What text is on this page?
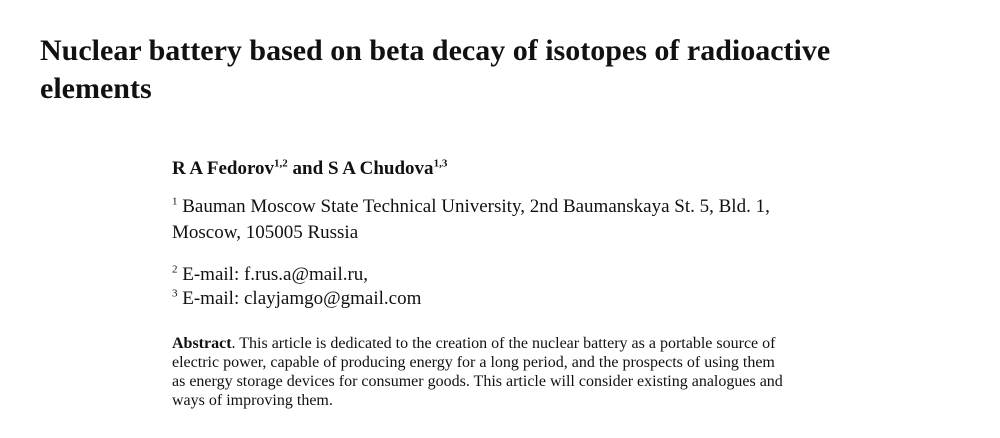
Nuclear battery based on beta decay of isotopes of radioactive
elements
R A Fedorov$^{1,2}$ and S A Chudova$^{1,3}$
$^1$ Bauman Moscow State Technical University, 2nd Baumanskaya St. 5, Bld. 1,
Moscow, 105005 Russia
$^2$ E-mail: f.rus.a@mail.ru,
$^3$ E-mail: clayjamgo@gmail.com
Abstract. This article is dedicated to the creation of the nuclear battery as a portable source of
electric power, capable of producing energy for a long period, and the prospects of using them
as energy storage devices for consumer goods. This article will consider existing analogues and
ways of improving them.
